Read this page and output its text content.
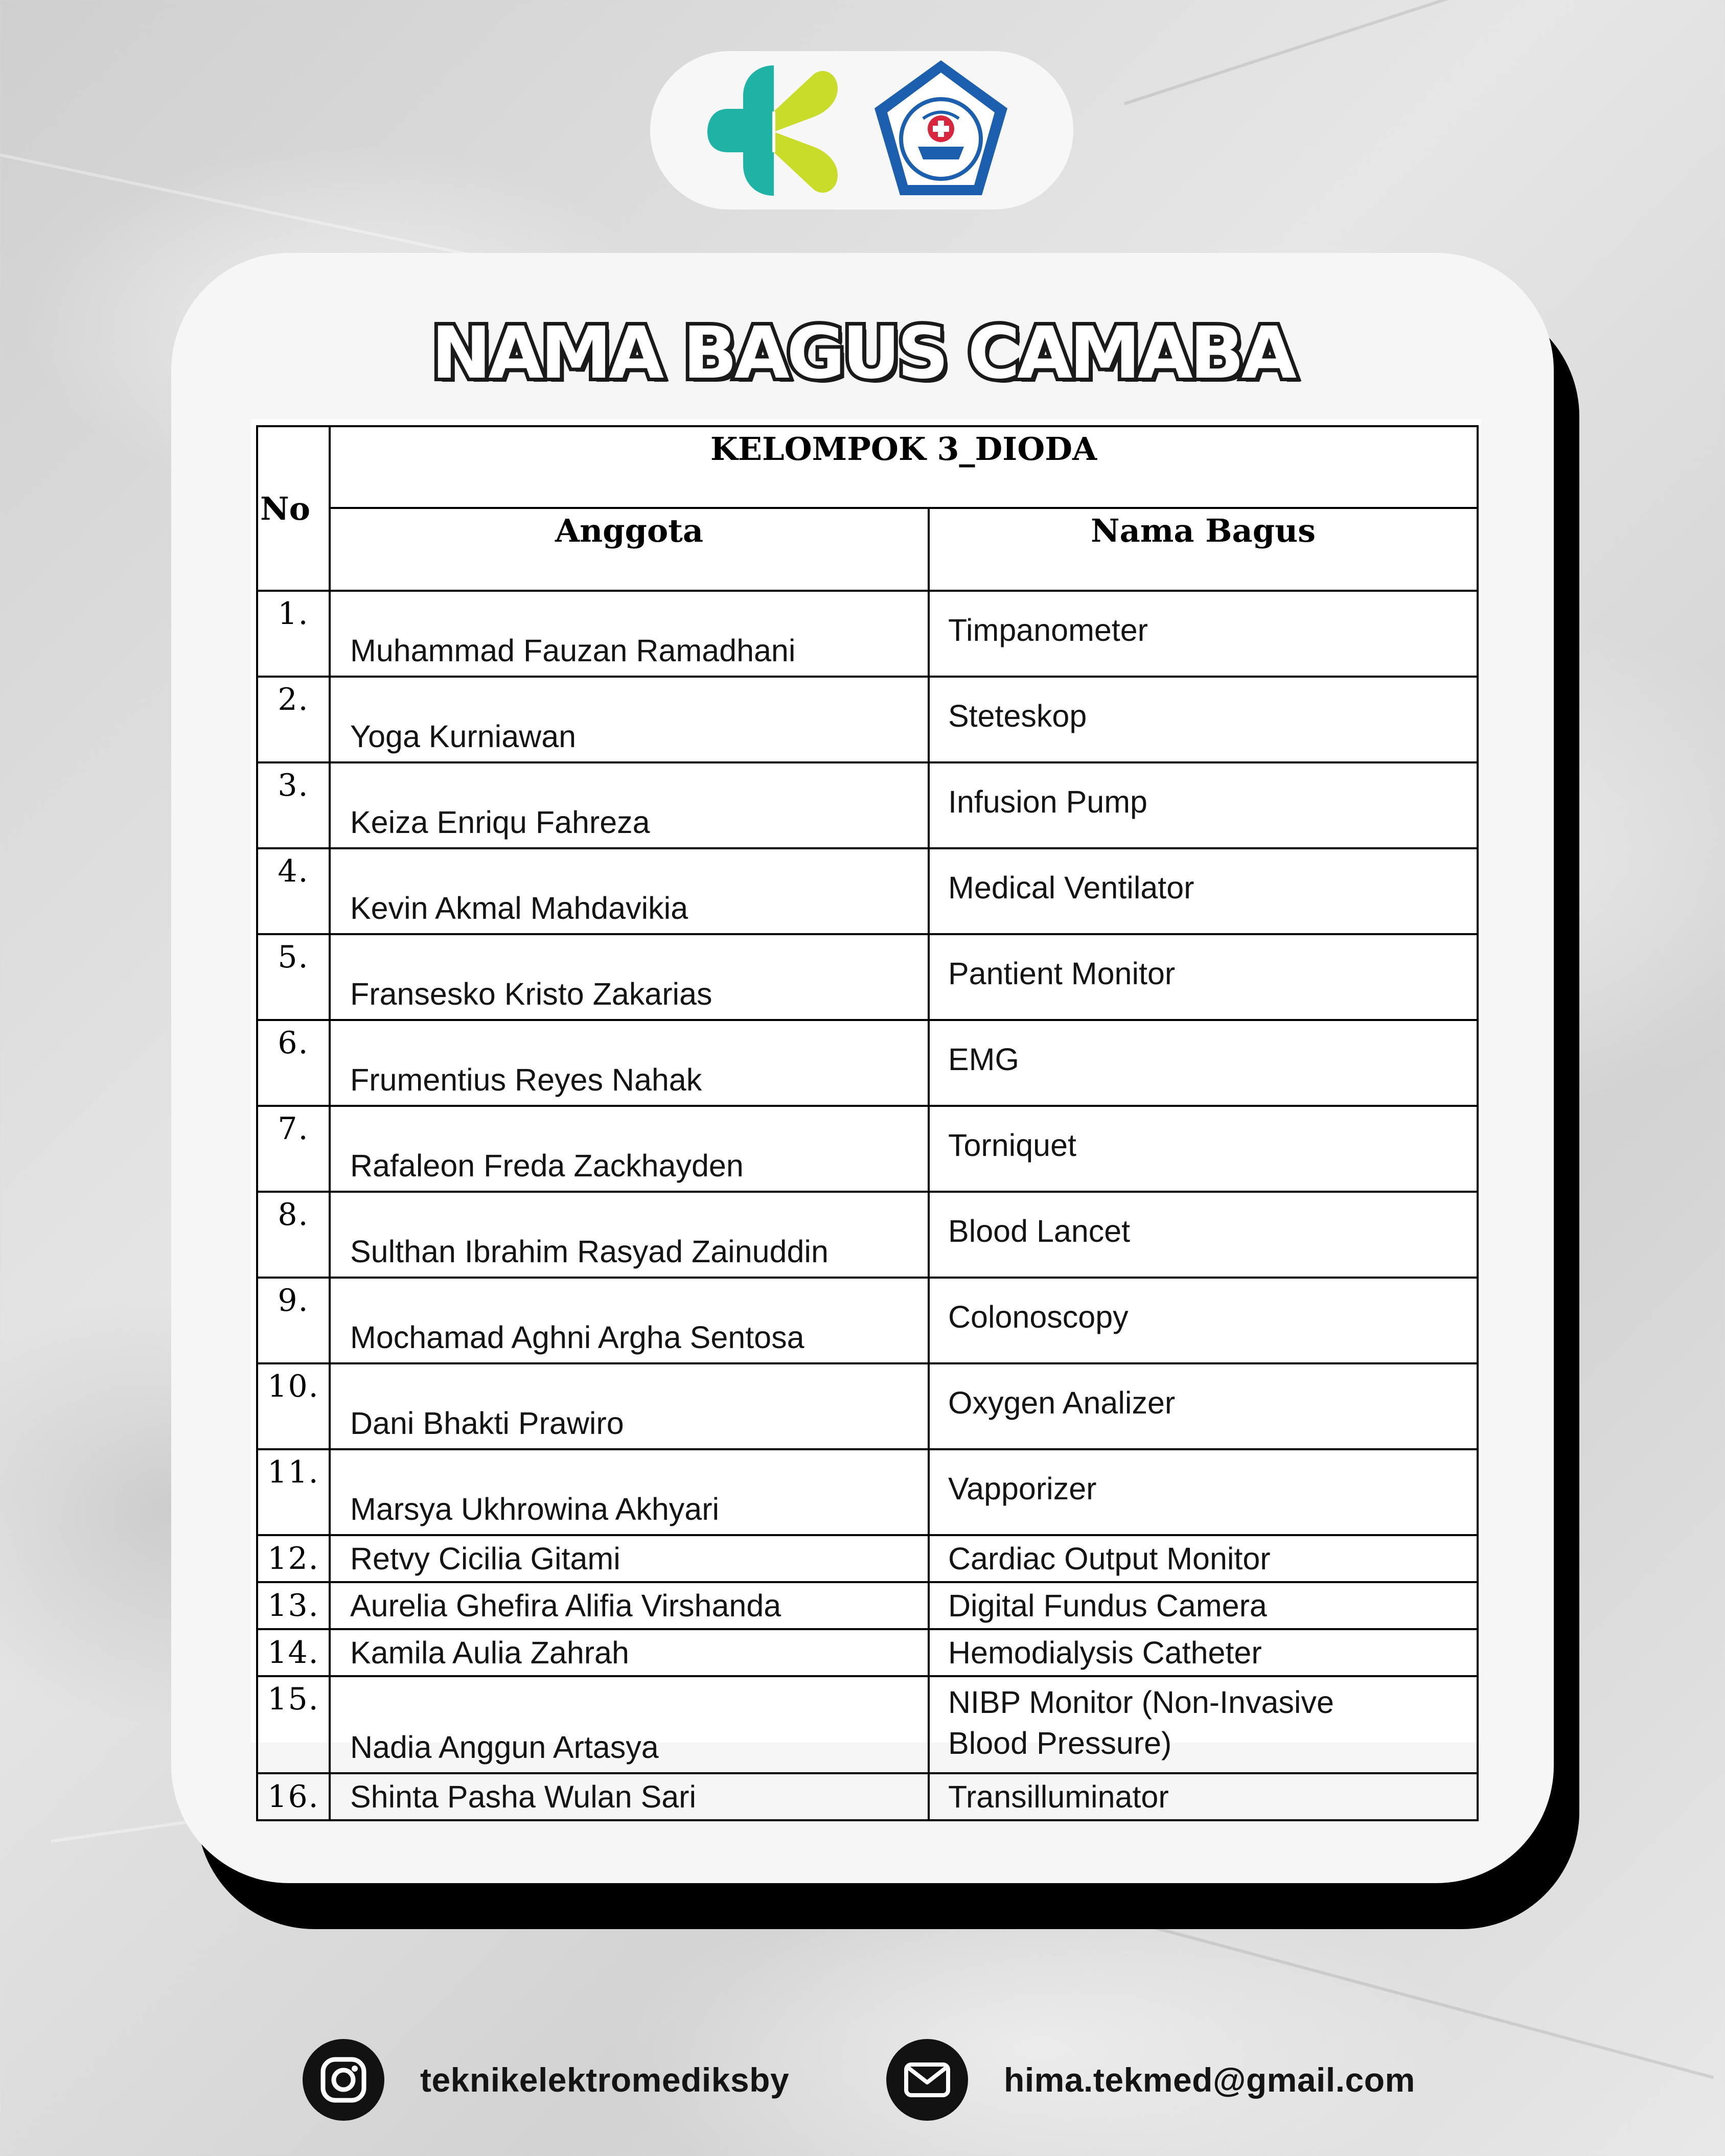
NAMA BAGUS CAMABA
No	KELOMPOK 3_DIODA	
	Anggota	Nama Bagus
1.	Muhammad Fauzan Ramadhani	Timpanometer
2.	Yoga Kurniawan	Steteskop
3.	Keiza Enriqu Fahreza	Infusion Pump
4.	Kevin Akmal Mahdavikia	Medical Ventilator
5.	Fransesko Kristo Zakarias	Pantient Monitor
6.	Frumentius Reyes Nahak	EMG
7.	Rafaleon Freda Zackhayden	Torniquet
8.	Sulthan Ibrahim Rasyad Zainuddin	Blood Lancet
9.	Mochamad Aghni Argha Sentosa	Colonoscopy
10.	Dani Bhakti Prawiro	Oxygen Analizer
11.	Marsya Ukhrowina Akhyari	Vapporizer
12.	Retvy Cicilia Gitami	Cardiac Output Monitor
13.	Aurelia Ghefira Alifia Virshanda	Digital Fundus Camera
14.	Kamila Aulia Zahrah	Hemodialysis Catheter
15.	Nadia Anggun Artasya	NIBP Monitor (Non-Invasive
Blood Pressure)

16.	Shinta Pasha Wulan Sari	Transilluminator
teknikelektromediksby	hima.tekmed@gmail.com
